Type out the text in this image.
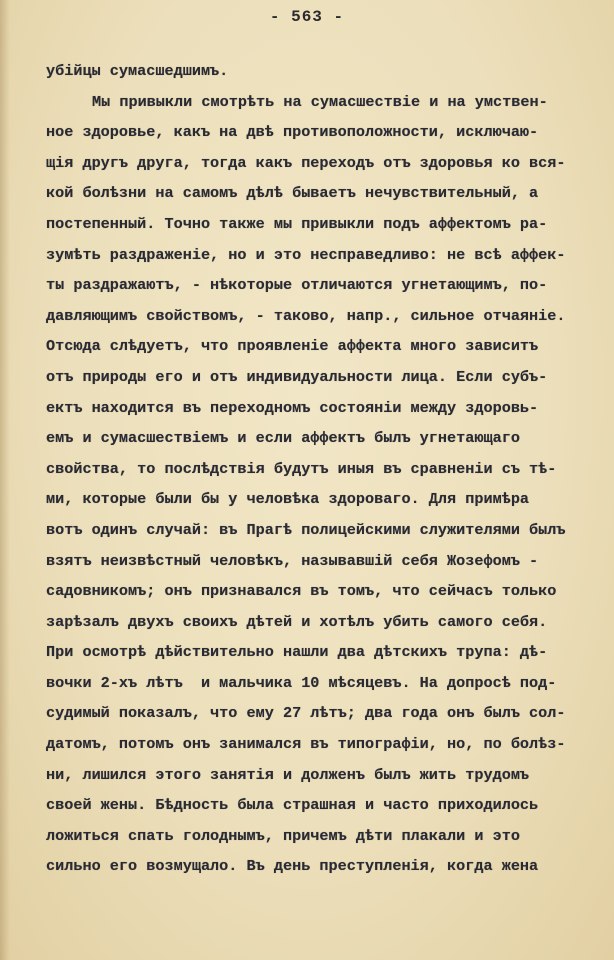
- 563 -
убійцы сумасшедшимъ.
Мы привыкли смотрѣть на сумасшествіе и на умствен-
ное здоровье, какъ на двѣ противоположности, исключаю-
щія другъ друга, тогда какъ переходъ отъ здоровья ко вся-
кой болѣзни на самомъ дѣлѣ бываетъ нечувствительный, а
постепенный. Точно также мы привыкли подъ аффектомъ ра-
зумѣть раздраженіе, но и это несправедливо: не всѣ аффек-
ты раздражаютъ, - нѣкоторые отличаются угнетающимъ, по-
давляющимъ свойствомъ, - таково, напр., сильное отчаяніе.
Отсюда слѣдуетъ, что проявленіе аффекта много зависитъ
отъ природы его и отъ индивидуальности лица. Если субъ-
ектъ находится въ переходномъ состояніи между здоровь-
емъ и сумасшествіемъ и если аффектъ былъ угнетающаго
свойства, то послѣдствія будутъ иныя въ сравненіи съ тѣ-
ми, которые были бы у человѣка здороваго. Для примѣра
вотъ одинъ случай: въ Прагѣ полицейскими служителями былъ
взятъ неизвѣстный человѣкъ, называвшій себя Жозефомъ -
садовникомъ; онъ признавался въ томъ, что сейчасъ только
зарѣзалъ двухъ своихъ дѣтей и хотѣлъ убить самого себя.
При осмотрѣ дѣйствительно нашли два дѣтскихъ трупа: дѣ-
вочки 2-хъ лѣтъ  и мальчика 10 мѣсяцевъ. На допросѣ под-
судимый показалъ, что ему 27 лѣтъ; два года онъ былъ сол-
датомъ, потомъ онъ занимался въ типографіи, но, по болѣз-
ни, лишился этого занятія и долженъ былъ жить трудомъ
своей жены. Бѣдность была страшная и часто приходилось
ложиться спать голоднымъ, причемъ дѣти плакали и это
сильно его возмущало. Въ день преступленія, когда жена
